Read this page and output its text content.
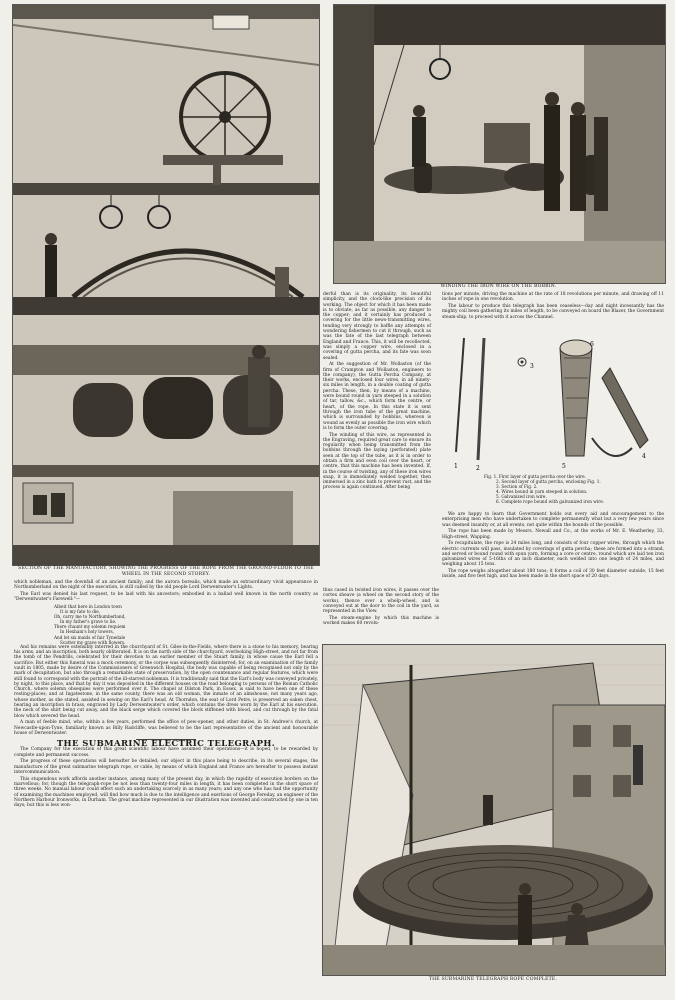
SECTION OF THE MANUFACTORY, SHOWING THE PROGRESS OF THE ROPE FROM THE GROUND-FLOOR TO THE WHEEL IN THE SECOND STOREY.
WINDING THE IRON WIRE ON THE BOBBIN.

derful than is its originality, its beautiful simplicity, and the clock-like precision of its working. The object for which it has been made is to obviate, as far as possible, any danger to the copper; and it certainly has produced a covering for the little news-transmitting wires, tending very strongly to baffle any attempts of wondering fishermen to cut it through, such as was the fate of the last telegraph between England and France. This, it will be recollected, was simply a copper wire, enclosed in a covering of gutta percha, and its fate was soon sealed.

At the suggestion of Mr. Wollaston (of the firm of Crampton and Wollaston, engineers to the company), the Gutta Percha Company, at their works, enclosed four wires, in all ninety-six miles in length, in a double coating of gutta percha. These, then, by means of a machine, were bound round in yarn steeped in a solution of tar, tallow, &c., which form the centre, or heart, of the rope. In this state it is sent through the iron tube of the great machine, which is surrounded by bobbins, whereon is wound as evenly as possible the iron wire which is to form the outer covering.

The winding of this wire, as represented in the Engraving, required great care to ensure its regularity when being transmitted from the bobbins through the laying (perforated) plate seen at the top of the tube, as it is in order to obtain a firm and even coil over the heart, or centre, that this machine has been invented. If, in the course of twisting, any of these iron wires snap, it is immediately welded together, then immersed in a zinc bath to prevent rust, and the process is again continued. After being

tions per minute, driving the machine at the rate of 18 revolutions per minute, and drawing off 11 inches of rope in one revolution.

The labour to produce this telegraph has been ceaseless—day and night incessantly has the mighty coil been gathering its miles of length, to be conveyed on board the Blazer, the Government steam-ship, to proceed with it across the Channel.

1	2
3
4
5
6
Fig. 1. First layer of gutta percha over the wire.
2. Second layer of gutta percha, enclosing Fig. 1.
3. Section of Fig. 2.
4. Wires bound in yarn steeped in solution.
5. Galvanized iron wire.
6. Complete rope bound with galvanized iron wire.

We are happy to learn that Government holds out every aid and encouragement to the enterprising men who have undertaken to complete permanently what but a very few years since was deemed insanity or, at all events, not quite within the bounds of the possible.

The rope has been made by Messrs. Newall and Co., at the works of Mr. E. Weatherley, 33, High-street, Wapping.

To recapitulate, the rope is 24 miles long, and consists of four copper wires, through which the electric currents will pass, insulated by coverings of gutta percha; these are formed into a strand, and served or bound round with spun yarn, forming a core or centre, round which are laid ten iron galvanized wires of 5-16ths of an inch diameter, each welded into one length of 24 miles, and weighing about 15 tons.

The rope weighs altogether about 180 tons; it forms a coil of 30 feet diameter outside, 15 feet inside, and five feet high, and has been made in the short space of 20 days.

thus cased in twisted iron wires, it passes over the cortex sheave (a wheel on the second story of the works), thence over a whelp-wheel, and is conveyed out at the door to the coil in the yard, as represented in the View.

The steam-engine by which this machine is worked makes 60 revolu-

which nobleman, and the downfall of an ancient family; and the aurora borealis, which made an extraordinary vivid appearance in Northumberland on the night of the execution, is still called by the old people Lord Derwentwater's Lights.

The Earl was denied his last request, to be laid with his ancestors; embodied in a ballad well known in the north country as "Derwentwater's Farewell:"—

Albeit that here in London town
It is my fate to die,
Oh, carry me to Northumberland,
In my father's grave to lie.
There chaunt my solemn requiem
In Hexham's holy towers,
And let six maids of fair Tynedale
Scatter my grave with flowers.

And his remains were ostensibly interred in the churchyard of St. Giles-in-the-Fields, where there is a stone to his memory, bearing his arms, and an inscription, both nearly obliterated. It is on the north side of the churchyard, overlooking High-street, and not far from the tomb of the Pendrills, celebrated for their devotion to an earlier member of the Stuart family, in whose cause the Earl fell a sacrifice. But either this funeral was a mock ceremony, or the corpse was subsequently disinterred; for, on an examination of the family vault in 1805, made by desire of the Commissioners of Greenwich Hospital, the body was capable of being recognised not only by the mark of decapitation, but also through a remarkable state of preservation, by the open countenance and regular features, which were still found to correspond with the portrait of the ill-starred nobleman. It is traditionally said that the Earl's body was conveyed privately, by night, to this place, and that by day it was deposited in the different houses on the road belonging to persons of the Roman Catholic Church, where solemn obsequies were performed over it. The chapel at Dilston Park, in Essex, is said to have been one of these resting-places; and at Ingatestone, in the same county, there was an old woman, the inmate of an almshouse, not many years ago, whose mother, as she stated, assisted in sewing on the Earl's head. At Thorndon, the seat of Lord Petre, is preserved an oaken chest, bearing an inscription in brass, engraved by Lady Derwentwater's order, which contains the dress worn by the Earl at his execution, the neck of the shirt being cut away, and the black serge which covered the block stiffened with blood, and cut through by the fatal blow which severed the head.

A man of feeble mind, who, within a few years, performed the office of pew-opener, and other duties, in St. Andrew's church, at Newcastle-upon-Tyne, familiarly known as Billy Radcliffe, was believed to be the last representative of the ancient and honourable house of Derwentwater.

THE SUBMARINE ELECTRIC TELEGRAPH.

The Company for the execution of this great scientific labour have assumed their operations—it is hoped, to be rewarded by complete and permanent success.

The progress of these operations will hereafter be detailed; our object in this place being to describe, in its several stages, the manufacture of the great submarine telegraph rope, or cable, by means of which England and France are hereafter to possess instant intercommunication.

This stupendous work affords another instance, among many of the present day, in which the rapidity of execution borders on the marvellous; for, though the telegraph-rope be not less than twenty-four miles in length, it has been completed in the short space of three weeks. No manual labour could effect such an undertaking scarcely in as many years; and any one who has had the opportunity of examining the machines employed, will find how much is due to the intelligence and exertions of George Fereday, an engineer of the Northern Harbour Ironworks, in Durham. The great machine represented in our illustration was invented and constructed by one in ten days; but this is less won-

THE SUBMARINE TELEGRAPH ROPE COMPLETE.
